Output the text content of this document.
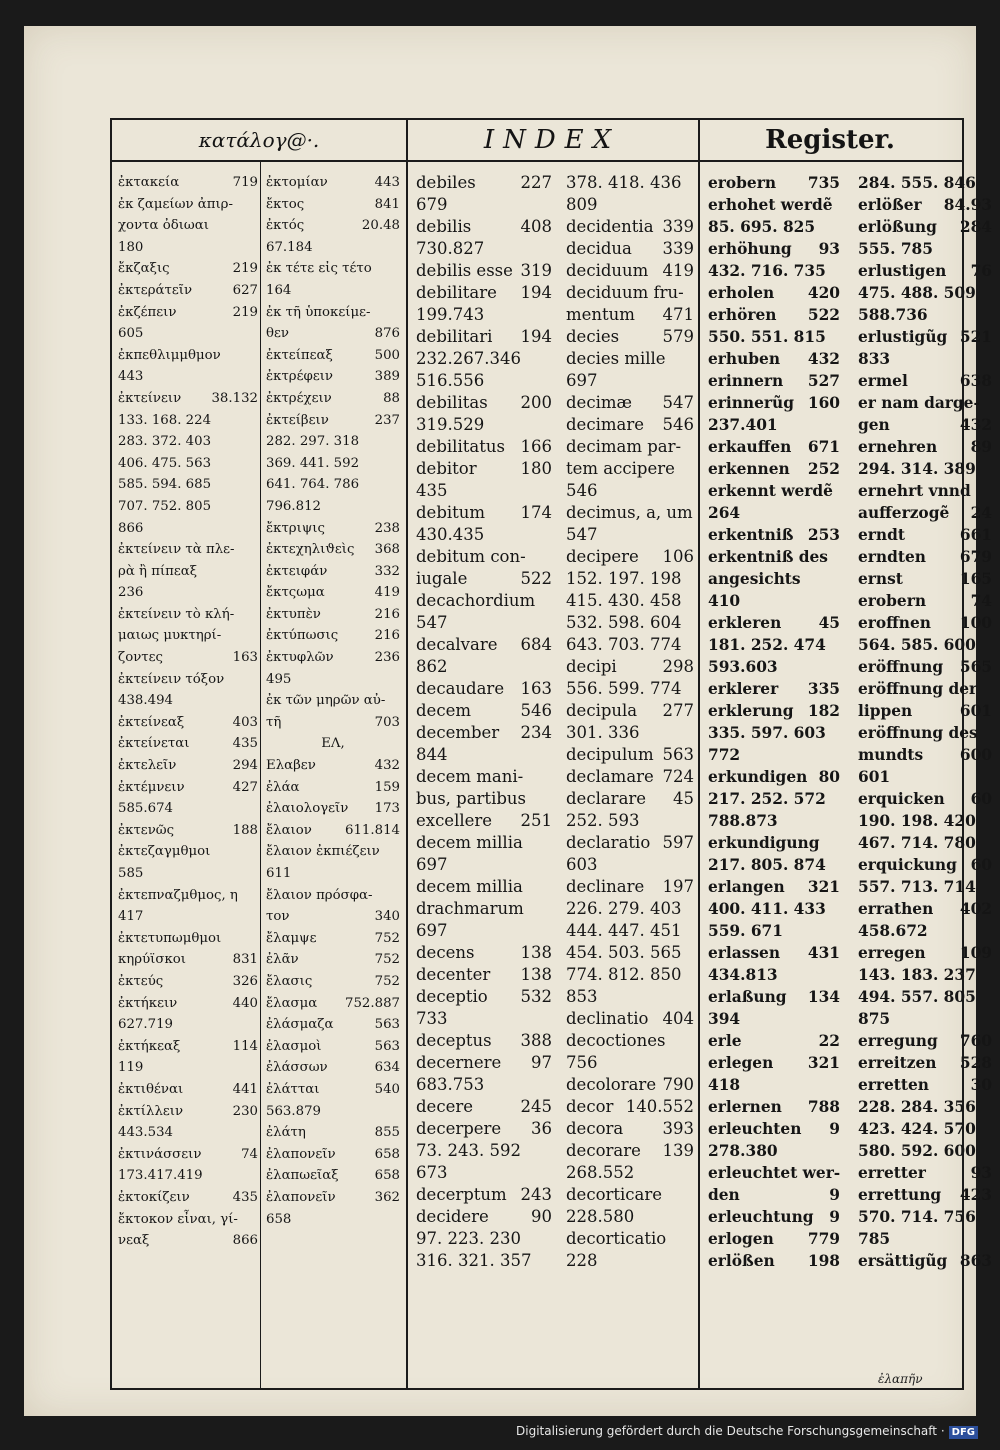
κατάλογ@·.	INDEX	Register.
ἐκτακεία	719
ἐκ ζαμείων ἀπιρ-
χοντα ὀδιωαι
180
ἔκζαξις	219
ἐκτεράτεῖν	627
ἐκζέπειν	219
605
ἐκπεθλιμμθμον
443
ἐκτείνειν 38.132
133. 168. 224
283. 372. 403
406. 475. 563
585. 594. 685
707. 752. 805
866
ἐκτείνειν τὰ πλε-
ρὰ ἢ πίπεαξ
236
ἐκτείνειν τὸ κλή-
μαιως μυκτηρί-
ζοντες	163
ἐκτείνειν τόξον
438.494
ἐκτείνεαξ	403
ἐκτείνεται	435
ἐκτελεῖν	294
ἐκτέμνειν	427
585.674
ἐκτενῶς	188
ἐκτεζαγμθμοι
585
ἐκτεπναζμθμος, η
417
ἐκτετυπωμθμοι
κηρύϊσκοι	831
ἐκτεύς	326
ἐκτήκειν	440
627.719
ἐκτήκεαξ	114
119
ἐκτιθέναι	441
ἐκτίλλειν	230
443.534
ἐκτινάσσειν	74
173.417.419
ἐκτοκίζειν	435
ἔκτοκον εἶναι, γί-
νεαξ	866
ἐκτομίαν	443
ἔκτος	841
ἐκτός	20.48
67.184
ἐκ τέτε εἰς τέτο
164
ἐκ τῆ ὑποκείμε-
θεν	876
ἐκτείπεαξ	500
ἐκτρέφειν	389
ἐκτρέχειν	88
ἐκτείβειν	237
282. 297. 318
369. 441. 592
641. 764. 786
796.812
ἔκτριψις	238
ἐκτεχηλιϑεὶς 368
ἐκτειφάν	332
ἔκτςωμα	419
ἐκτυπὲν	216
ἐκτύπωσις	216
ἐκτυφλῶν	236
495
ἐκ τῶν μηρῶν αὐ-
τῆ	703
ΕΛ,
Ελαβεν	432
ἐλάα	159
ἐλαιολογεῖν 173
ἔλαιον 611.814
ἔλαιον ἐκπιέζειν
611
ἔλαιον πρόσφα-
τον	340
ἔλαμψε	752
ἐλᾶν	752
ἔλασις	752
ἔλασμα 752.887
ἐλάσμαζα	563
ἐλασμοὶ	563
ἐλάσσων	634
ἐλάτται	540
563.879
ἐλάτη	855
ἐλαπονεῖν	658
ἐλαπωεῖαξ	658
ἐλαπονεῖν	362
658
debiles	227
679
debilis	408
730.827
debilis esse 319
debilitare 194
199.743
debilitari 194
232.267.346
516.556
debilitas 200
319.529
debilitatus 166
debitor	180
435
debitum 174
430.435
debitum con-
iugale	522
decachordium
547
decalvare 684
862
decaudare 163
decem	546
december 234
844
decem mani-
bus, partibus
excellere 251
decem millia
697
decem millia
drachmarum
697
decens	138
decenter 138
deceptio 532
733
deceptus 388
decernere 97
683.753
decere	245
decerpere 36
73. 243. 592
673
decerptum 243
decidere	90
97. 223. 230
316. 321. 357
378. 418. 436
809
decidentia 339
decidua 339
deciduum 419
deciduum fru-
mentum 471
decies	579
decies mille
697
decimæ 547
decimare 546
decimam par-
tem accipere
546
decimus, a, um
547
decipere 106
152. 197. 198
415. 430. 458
532. 598. 604
643. 703. 774
decipi	298
556. 599. 774
decipula 277
301. 336
decipulum 563
declamare 724
declarare 45
252. 593
declaratio 597
603
declinare 197
226. 279. 403
444. 447. 451
454. 503. 565
774. 812. 850
853
declinatio 404
decoctiones
756
decolorare 790
decor 140.552
decora 393
decorare 139
268.552
decorticare
228.580
decorticatio
228
erobern 735
erhohet werdẽ
85. 695. 825
erhöhung 93
432. 716. 735
erholen 420
erhören 522
550. 551. 815
erhuben 432
erinnern 527
erinnerũg 160
237.401
erkauffen 671
erkennen 252
erkennt werdẽ
264
erkentniß 253
erkentniß des
angesichts
410
erkleren 45
181. 252. 474
593.603
erklerer 335
erklerung 182
335. 597. 603
772
erkundigen 80
217. 252. 572
788.873
erkundigung
217. 805. 874
erlangen 321
400. 411. 433
559. 671
erlassen 431
434.813
erlaßung 134
394
erle	22
erlegen 321
418
erlernen 788
erleuchten 9
278.380
erleuchtet wer-
den	9
erleuchtung 9
erlogen 779
erlößen 198
284. 555. 846
erlößer 84.93
erlößung 284
555. 785
erlustigen 76
475. 488. 509
588.736
erlustigũg 521
833
ermel	638
er nam darge-
gen	432
ernehren 89
294. 314. 389
ernehrt vnnd
aufferzogẽ 24
erndt	661
erndten 679
ernst	165
erobern	74
eroffnen 100
564. 585. 600
eröffnung 565
eröffnung der
lippen	601
eröffnung des
mundts 600
601
erquicken 60
190. 198. 420
467. 714. 780
erquickung 60
557. 713. 714
errathen 402
458.672
erregen 109
143. 183. 237
494. 557. 805
875
erregung 760
erreitzen 528
erretten	30
228. 284. 356
423. 424. 570
580. 592. 600
erretter	93
errettung 423
570. 714. 756
785
ersättigũg 863
ἐλαπῆν
Digitalisierung gefördert durch die Deutsche Forschungsgemeinschaft · DFG
